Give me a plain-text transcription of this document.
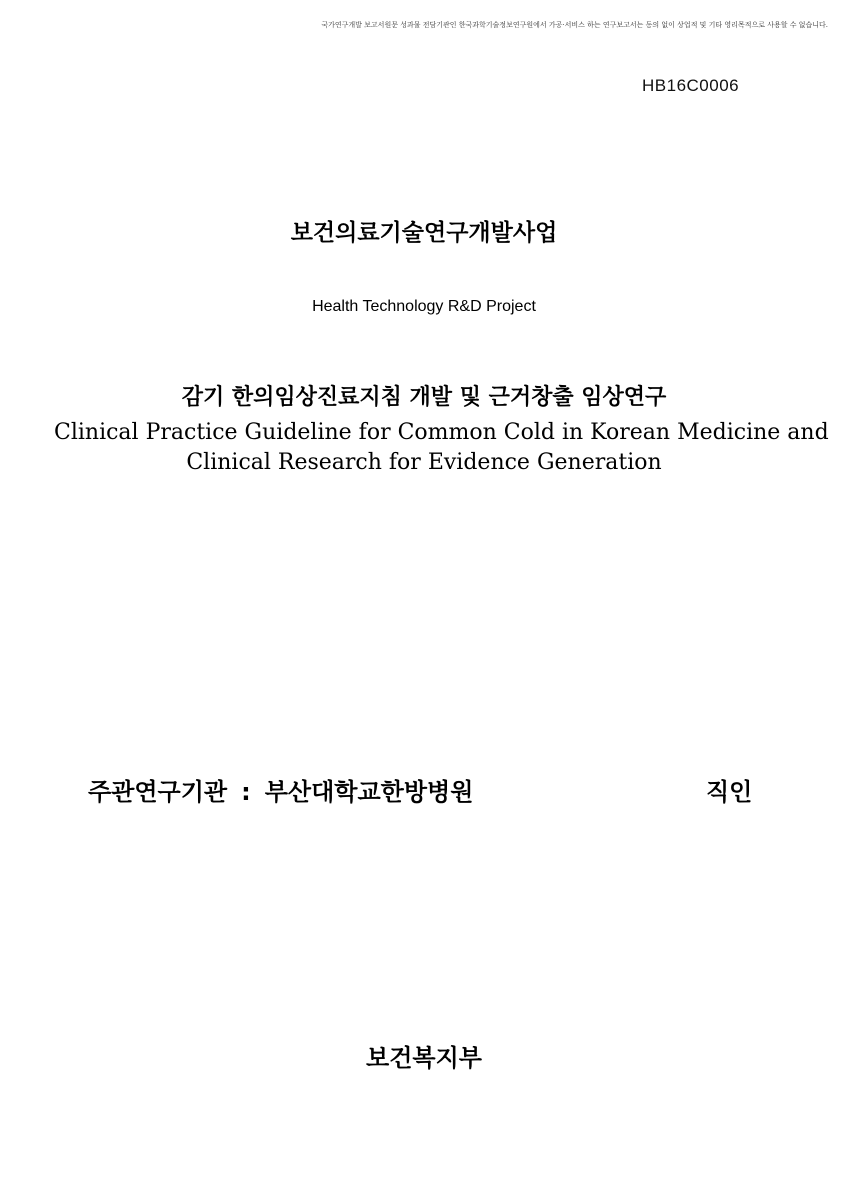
국가연구개발 보고서원문 성과물 전담기관인 한국과학기술정보연구원에서 가공·서비스 하는 연구보고서는 동의 없이 상업적 및 기타 영리목적으로 사용할 수 없습니다.
HB16C0006
보건의료기술연구개발사업
Health Technology R&D Project
감기 한의임상진료지침 개발 및 근거창출 임상연구
Clinical Practice Guideline for Common Cold in Korean Medicine and
Clinical Research for Evidence Generation
주관연구기관 : 부산대학교한방병원	직인
보건복지부
